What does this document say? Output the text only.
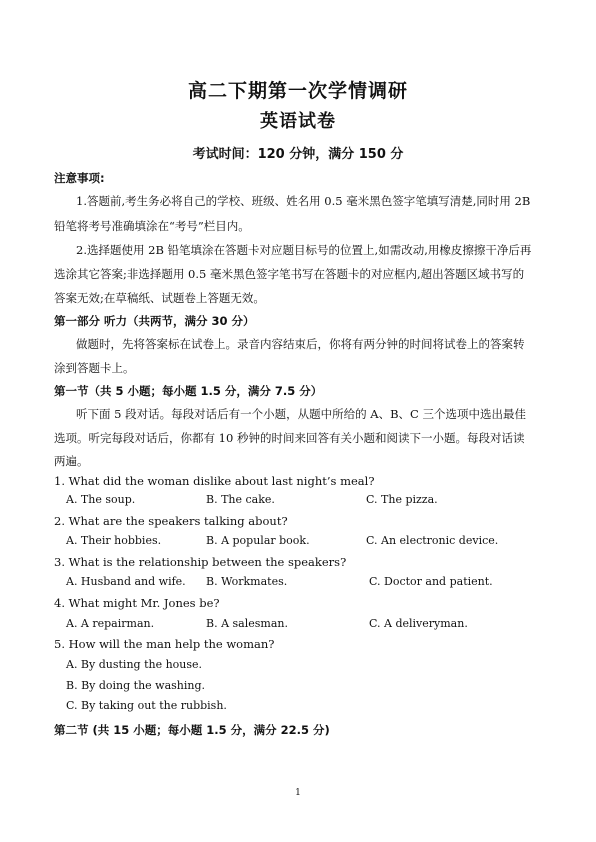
高二下期第一次学情调研
英语试卷
考试时间：120 分钟，满分 150 分
注意事项:
1.答题前,考生务必将自己的学校、班级、姓名用 0.5 毫米黑色签字笔填写清楚,同时用 2B
铅笔将考号准确填涂在“考号”栏目内。
2.选择题使用 2B 铅笔填涂在答题卡对应题目标号的位置上,如需改动,用橡皮擦擦干净后再
选涂其它答案;非选择题用 0.5 毫米黑色签字笔书写在答题卡的对应框内,超出答题区域书写的
答案无效;在草稿纸、试题卷上答题无效。
第一部分 听力（共两节，满分 30 分）
做题时，先将答案标在试卷上。录音内容结束后，你将有两分钟的时间将试卷上的答案转
涂到答题卡上。
第一节（共 5 小题；每小题 1.5 分，满分 7.5 分）
听下面 5 段对话。每段对话后有一个小题，从题中所给的 A、B、C 三个选项中选出最佳
选项。听完每段对话后，你都有 10 秒钟的时间来回答有关小题和阅读下一小题。每段对话读
两遍。
1. What did the woman dislike about last night’s meal?
A. The soup.	B. The cake.	C. The pizza.
2. What are the speakers talking about?
A. Their hobbies.	B. A popular book.	C. An electronic device.
3. What is the relationship between the speakers?
A. Husband and wife. B. Workmates.	C. Doctor and patient.
4. What might Mr. Jones be?
A. A repairman.	B. A salesman.	C. A deliveryman.
5. How will the man help the woman?
A. By dusting the house.
B. By doing the washing.
C. By taking out the rubbish.
第二节 (共 15 小题；每小题 1.5 分，满分 22.5 分)
1
